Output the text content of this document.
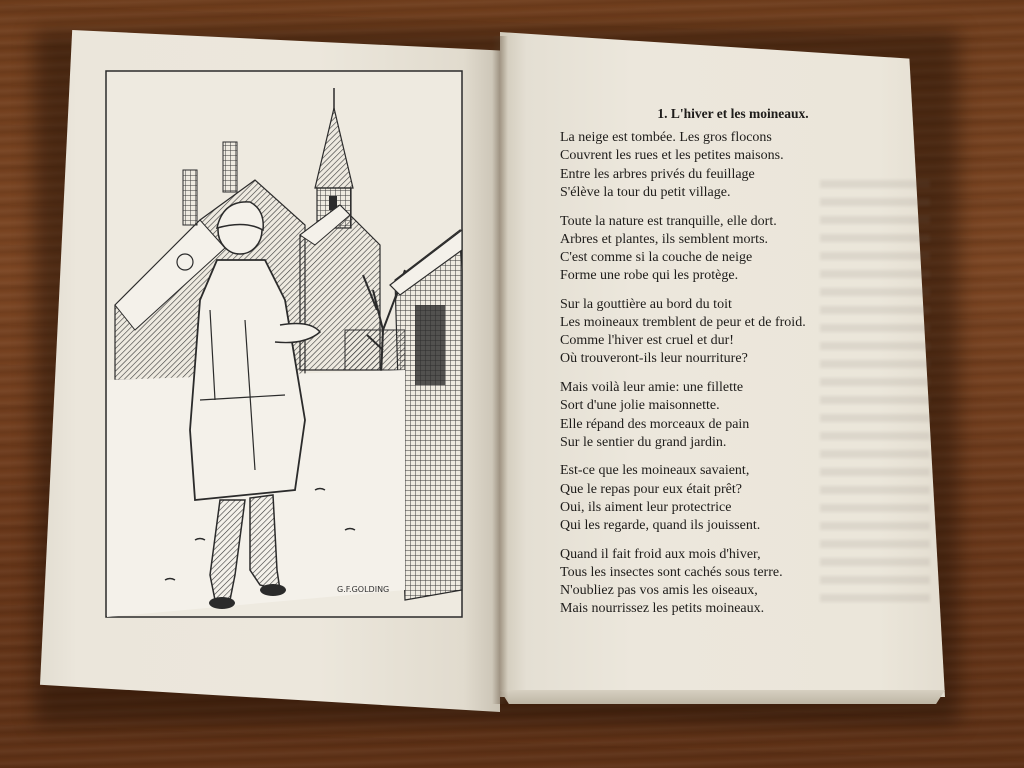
G.F.GOLDING
1. L'hiver et les moineaux.
La neige est tombée. Les gros flocons
Couvrent les rues et les petites maisons.
Entre les arbres privés du feuillage
S'élève la tour du petit village.
Toute la nature est tranquille, elle dort.
Arbres et plantes, ils semblent morts.
C'est comme si la couche de neige
Forme une robe qui les protège.
Sur la gouttière au bord du toit
Les moineaux tremblent de peur et de froid.
Comme l'hiver est cruel et dur!
Où trouveront-ils leur nourriture?
Mais voilà leur amie: une fillette
Sort d'une jolie maisonnette.
Elle répand des morceaux de pain
Sur le sentier du grand jardin.
Est-ce que les moineaux savaient,
Que le repas pour eux était prêt?
Oui, ils aiment leur protectrice
Qui les regarde, quand ils jouissent.
Quand il fait froid aux mois d'hiver,
Tous les insectes sont cachés sous terre.
N'oubliez pas vos amis les oiseaux,
Mais nourrissez les petits moineaux.
